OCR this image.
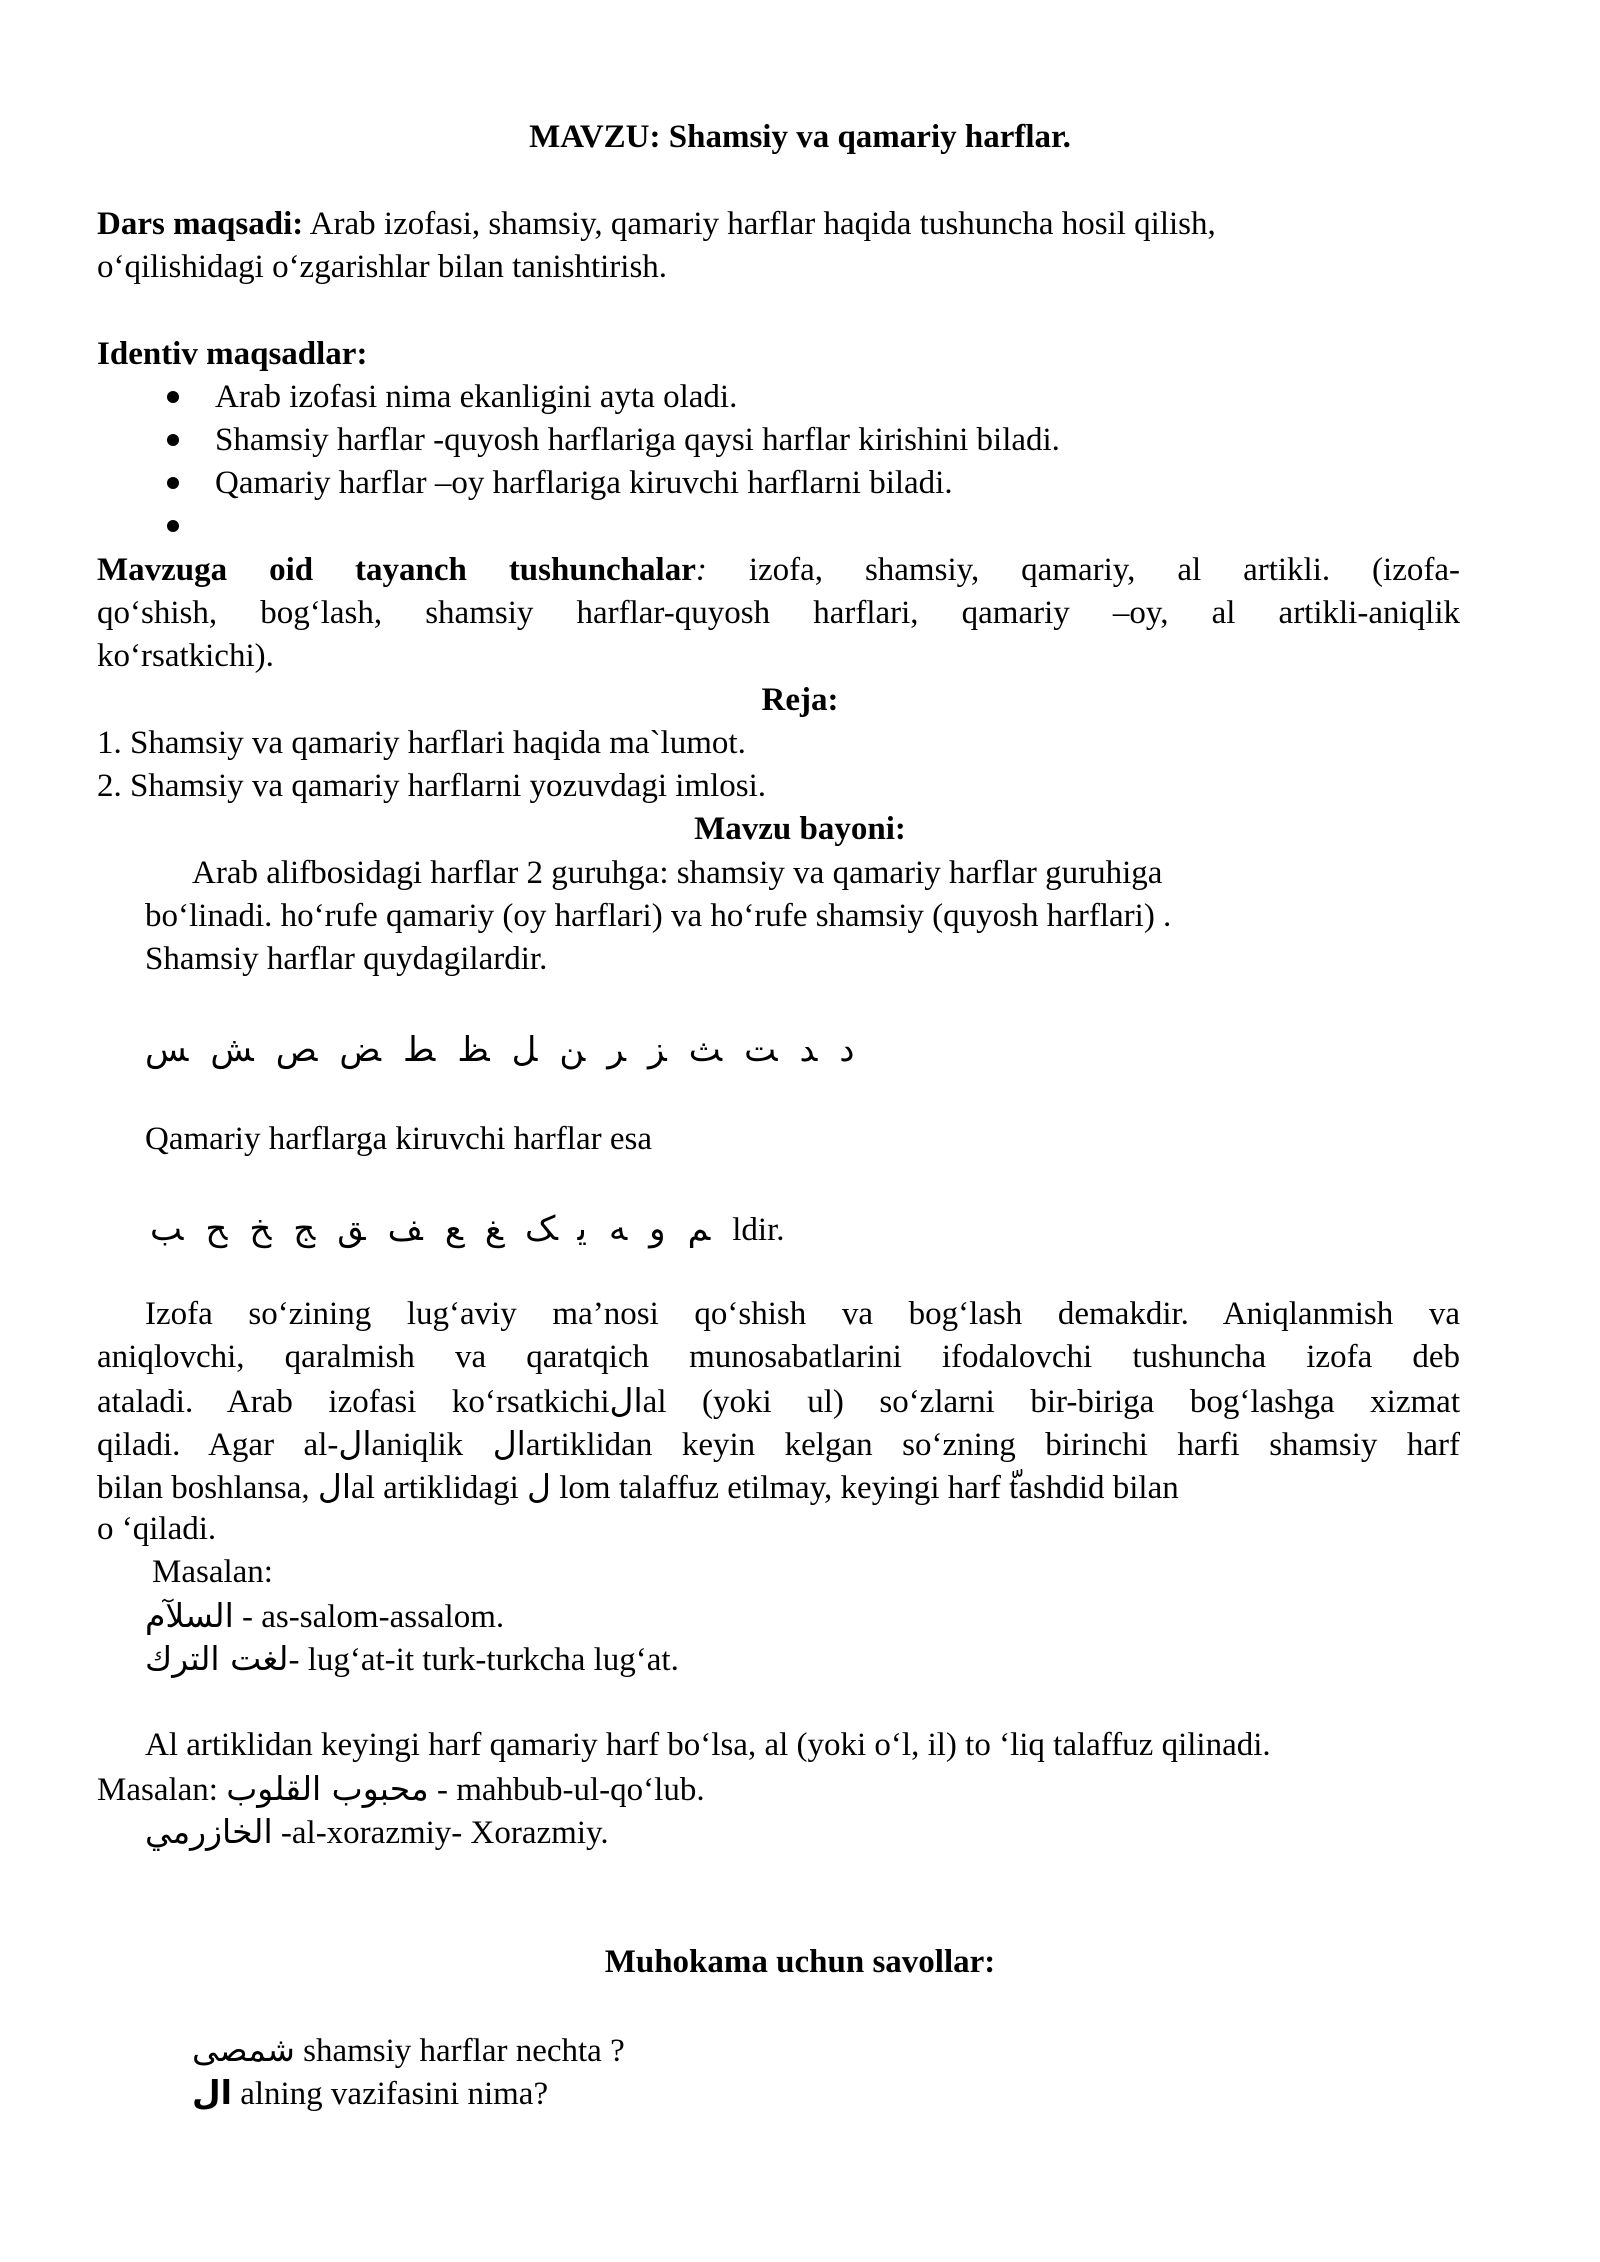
MAVZU: Shamsiy va qamariy harflar.
Dars maqsadi: Arab izofasi, shamsiy, qamariy harflar haqida tushuncha hosil qilish,
o‘qilishidagi o‘zgarishlar bilan tanishtirish.
Identiv maqsadlar:
Arab izofasi nima ekanligini ayta oladi.
Shamsiy harflar -quyosh harflariga qaysi harflar kirishini biladi.
Qamariy harflar –oy harflariga kiruvchi harflarni biladi.
Mavzuga oid tayanch tushunchalar: izofa, shamsiy, qamariy, al artikli. (izofa-
qo‘shish, bog‘lash, shamsiy harflar-quyosh harflari, qamariy –oy, al artikli-aniqlik
ko‘rsatkichi).
Reja:
1. Shamsiy va qamariy harflari haqida ma`lumot.
2. Shamsiy va qamariy harflarni yozuvdagi imlosi.
Mavzu bayoni:
Arab alifbosidagi harflar 2 guruhga: shamsiy va qamariy harflar guruhiga
bo‘linadi. ho‘rufe qamariy (oy harflari) va ho‘rufe shamsiy (quyosh harflari) .
Shamsiy harflar quydagilardir.
دﺪﺖﺚﺰﺮﻦﻞﻆﻂﺾﺺﺶﺲ
Qamariy harflarga kiruvchi harflar esa
ﻢوﻪیکﻎﻊﻒﻖﺞﺦﺢﺐ	ldir.
Izofa so‘zining lug‘aviy ma’nosi qo‘shish va bog‘lash demakdir. Aniqlanmish va
aniqlovchi, qaralmish va qaratqich munosabatlarini ifodalovchi tushuncha izofa deb
ataladi. Arab izofasi ko‘rsatkichiالal (yoki ul) so‘zlarni bir-biriga bog‘lashga xizmat
qiladi. Agar al-الaniqlik الartiklidan keyin kelgan so‘zning birinchi harfi shamsiy harf
bilan boshlansa, الal artiklidagi ل lom talaffuz etilmay, keyingi harf tashdid bilan
o ‘qiladi.
Masalan:
السلآم - as-salom-assalom.
لغت الترك- lug‘at-it turk-turkcha lug‘at.
Al artiklidan keyingi harf qamariy harf bo‘lsa, al (yoki o‘l, il) to ‘liq talaffuz qilinadi.
Masalan: محبوب القلوب - mahbub-ul-qo‘lub.
الخازرمي -al-xorazmiy- Xorazmiy.
Muhokama uchun savollar:
شمصى shamsiy harflar nechta ?
ال alning vazifasini nima?
